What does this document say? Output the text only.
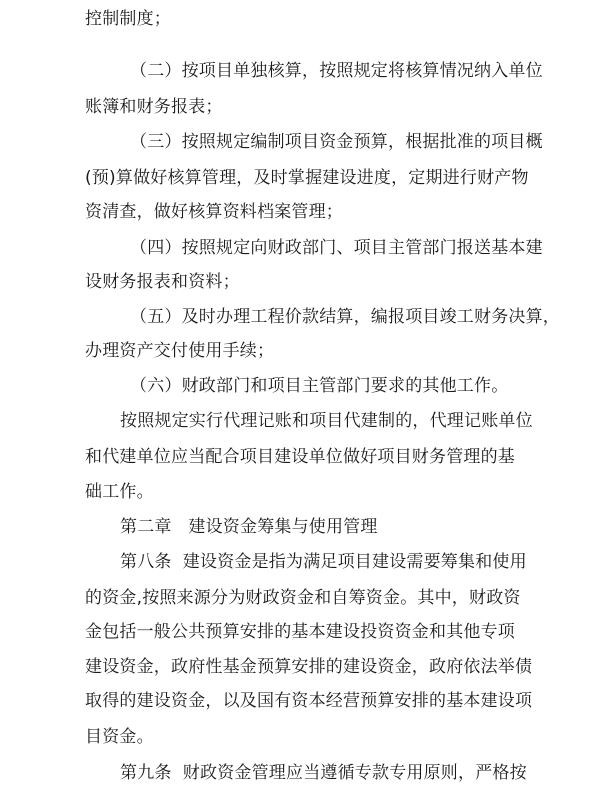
控制制度；
（二）按项目单独核算，按照规定将核算情况纳入单位
账簿和财务报表；
（三）按照规定编制项目资金预算，根据批准的项目概
(预)算做好核算管理，及时掌握建设进度，定期进行财产物
资清查，做好核算资料档案管理；
（四）按照规定向财政部门、项目主管部门报送基本建
设财务报表和资料；
（五）及时办理工程价款结算，编报项目竣工财务决算，
办理资产交付使用手续；
（六）财政部门和项目主管部门要求的其他工作。
按照规定实行代理记账和项目代建制的，代理记账单位
和代建单位应当配合项目建设单位做好项目财务管理的基
础工作。
第二章   建设资金筹集与使用管理
第八条  建设资金是指为满足项目建设需要筹集和使用
的资金,按照来源分为财政资金和自筹资金。其中，财政资
金包括一般公共预算安排的基本建设投资资金和其他专项
建设资金，政府性基金预算安排的建设资金，政府依法举债
取得的建设资金，以及国有资本经营预算安排的基本建设项
目资金。
第九条  财政资金管理应当遵循专款专用原则，严格按
